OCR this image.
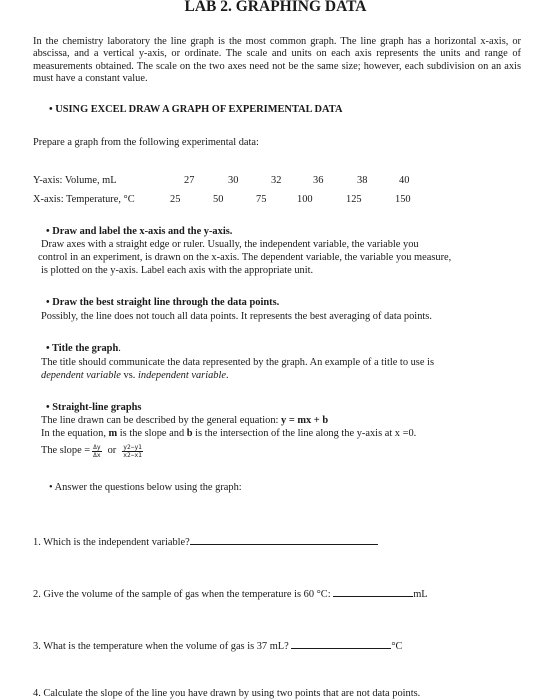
LAB 2. GRAPHING DATA
In the chemistry laboratory the line graph is the most common graph. The line graph has a horizontal x-axis, or abscissa, and a vertical y-axis, or ordinate. The scale and units on each axis represents the units and range of measurements obtained. The scale on the two axes need not be the same size; however, each subdivision on an axis must have a constant value.
• USING EXCEL DRAW A GRAPH OF EXPERIMENTAL DATA
Prepare a graph from the following experimental data:
Y-axis: Volume, mL	27	30	32	36	38	40
X-axis: Temperature, °C	25	50	75	100	125	150
• Draw and label the x-axis and the y-axis.
Draw axes with a straight edge or ruler. Usually, the independent variable, the variable you
control in an experiment, is drawn on the x-axis. The dependent variable, the variable you measure,
is plotted on the y-axis. Label each axis with the appropriate unit.
• Draw the best straight line through the data points.
Possibly, the line does not touch all data points. It represents the best averaging of data points.
• Title the graph.
The title should communicate the data represented by the graph. An example of a title to use is
dependent variable vs. independent variable.
• Straight-line graphs
The line drawn can be described by the general equation: y = mx + b
In the equation, m is the slope and b is the intersection of the line along the y-axis at x =0.
The slope = $\frac{\Delta y}{\Delta x}$ or $\frac{y2-y1}{x2-x1}$
• Answer the questions below using the graph:
1. Which is the independent variable?
2. Give the volume of the sample of gas when the temperature is 60 °C:	mL
3. What is the temperature when the volume of gas is 37 mL?	°C
4. Calculate the slope of the line you have drawn by using two points that are not data points.
